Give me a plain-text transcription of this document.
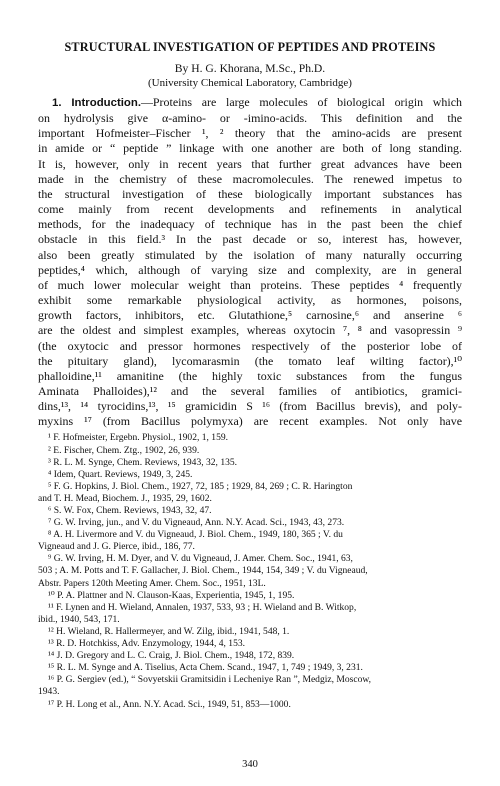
STRUCTURAL INVESTIGATION OF PEPTIDES AND PROTEINS

By H. G. Khorana, M.Sc., Ph.D.

(University Chemical Laboratory, Cambridge)

1. Introduction.—Proteins are large molecules of biological origin which
on hydrolysis give α-amino- or -imino-acids. This definition and the
important Hofmeister–Fischer ¹, ² theory that the amino-acids are present
in amide or “ peptide ” linkage with one another are both of long standing.
It is, however, only in recent years that further great advances have been
made in the chemistry of these macromolecules. The renewed impetus to
the structural investigation of these biologically important substances has
come mainly from recent developments and refinements in analytical
methods, for the inadequacy of technique has in the past been the chief
obstacle in this field.³ In the past decade or so, interest has, however,
also been greatly stimulated by the isolation of many naturally occurring
peptides,⁴ which, although of varying size and complexity, are in general
of much lower molecular weight than proteins. These peptides ⁴ frequently
exhibit some remarkable physiological activity, as hormones, poisons,
growth factors, inhibitors, etc. Glutathione,⁵ carnosine,⁶ and anserine ⁶
are the oldest and simplest examples, whereas oxytocin ⁷, ⁸ and vasopressin ⁹
(the oxytocic and pressor hormones respectively of the posterior lobe of
the pituitary gland), lycomarasmin (the tomato leaf wilting factor),¹⁰
phalloidine,¹¹ amanitine (the highly toxic substances from the fungus
Aminata Phalloides),¹² and the several families of antibiotics, gramici-
dins,¹³, ¹⁴ tyrocidins,¹³, ¹⁵ gramicidin S ¹⁶ (from Bacillus brevis), and poly-
myxins ¹⁷ (from Bacillus polymyxa) are recent examples. Not only have
¹ F. Hofmeister, Ergebn. Physiol., 1902, 1, 159.
² E. Fischer, Chem. Ztg., 1902, 26, 939.
³ R. L. M. Synge, Chem. Reviews, 1943, 32, 135.
⁴ Idem, Quart. Reviews, 1949, 3, 245.
⁵ F. G. Hopkins, J. Biol. Chem., 1927, 72, 185 ; 1929, 84, 269 ; C. R. Harington
and T. H. Mead, Biochem. J., 1935, 29, 1602.
⁶ S. W. Fox, Chem. Reviews, 1943, 32, 47.
⁷ G. W. Irving, jun., and V. du Vigneaud, Ann. N.Y. Acad. Sci., 1943, 43, 273.
⁸ A. H. Livermore and V. du Vigneaud, J. Biol. Chem., 1949, 180, 365 ; V. du
Vigneaud and J. G. Pierce, ibid., 186, 77.
⁹ G. W. Irving, H. M. Dyer, and V. du Vigneaud, J. Amer. Chem. Soc., 1941, 63,
503 ; A. M. Potts and T. F. Gallacher, J. Biol. Chem., 1944, 154, 349 ; V. du Vigneaud,
Abstr. Papers 120th Meeting Amer. Chem. Soc., 1951, 13L.
¹⁰ P. A. Plattner and N. Clauson-Kaas, Experientia, 1945, 1, 195.
¹¹ F. Lynen and H. Wieland, Annalen, 1937, 533, 93 ; H. Wieland and B. Witkop,
ibid., 1940, 543, 171.
¹² H. Wieland, R. Hallermeyer, and W. Zilg, ibid., 1941, 548, 1.
¹³ R. D. Hotchkiss, Adv. Enzymology, 1944, 4, 153.
¹⁴ J. D. Gregory and L. C. Craig, J. Biol. Chem., 1948, 172, 839.
¹⁵ R. L. M. Synge and A. Tiselius, Acta Chem. Scand., 1947, 1, 749 ; 1949, 3, 231.
¹⁶ P. G. Sergiev (ed.), “ Sovyetskii Gramitsidin i Lecheniye Ran ”, Medgiz, Moscow,
1943.
¹⁷ P. H. Long et al., Ann. N.Y. Acad. Sci., 1949, 51, 853—1000.
340
